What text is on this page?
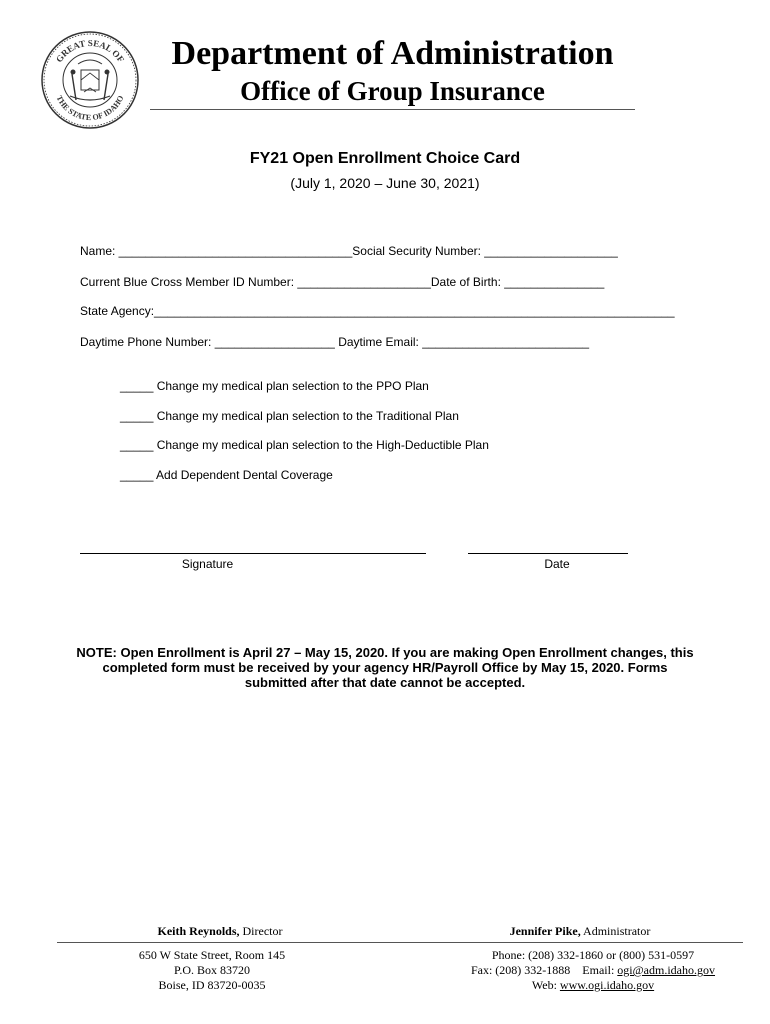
GREAT SEAL OF
THE STATE OF IDAHO
Department of Administration
Office of Group Insurance
FY21 Open Enrollment Choice Card
(July 1, 2020 – June 30, 2021)
Name: ___________________________________Social Security Number: ____________________
Current Blue Cross Member ID Number: ____________________Date of Birth: _______________
State Agency:______________________________________________________________________________
Daytime Phone Number: __________________ Daytime Email: _________________________
_____ Change my medical plan selection to the PPO Plan
_____ Change my medical plan selection to the Traditional Plan
_____ Change my medical plan selection to the High-Deductible Plan
_____ Add Dependent Dental Coverage
Signature	Date
NOTE: Open Enrollment is April 27 – May 15, 2020. If you are making Open Enrollment changes, this completed form must be received by your agency HR/Payroll Office by May 15, 2020. Forms submitted after that date cannot be accepted.
Keith Reynolds, Director	Jennifer Pike, Administrator
650 W State Street, Room 145
P.O. Box 83720
Boise, ID 83720-0035
Phone: (208) 332-1860 or (800) 531-0597
Fax: (208) 332-1888 Email: ogi@adm.idaho.gov
Web: www.ogi.idaho.gov
